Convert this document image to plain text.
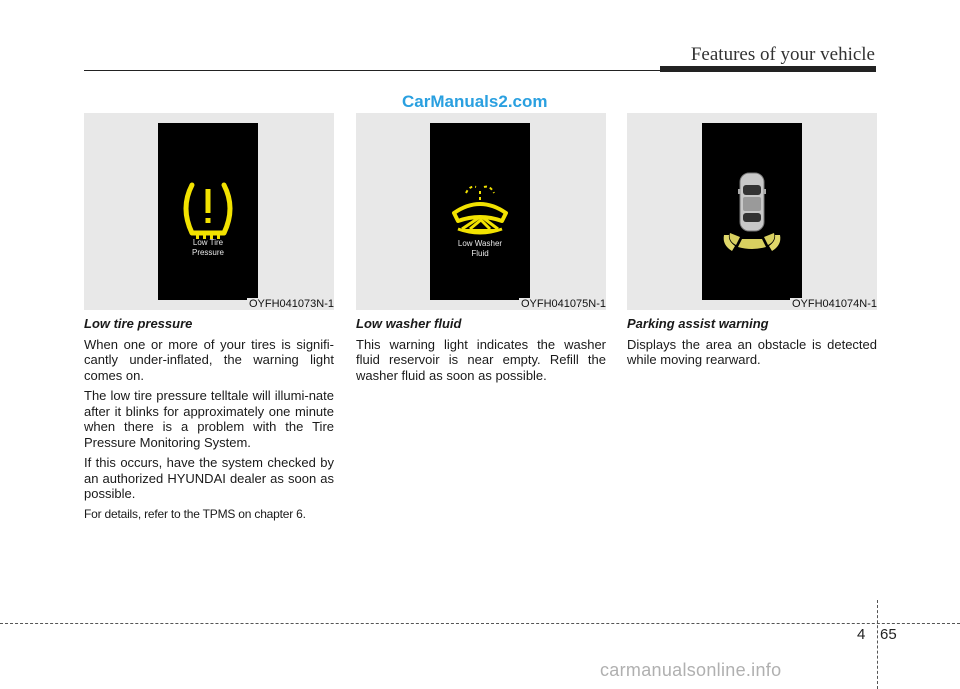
Features of your vehicle
CarManuals2.com
Low Tire
Pressure
OYFH041073N-1
Low Washer
Fluid
OYFH041075N-1	OYFH041074N-1
Low tire pressure

When one or more of your tires is signifi-cantly under-inflated, the warning light comes on.

The low tire pressure telltale will illumi-nate after it blinks for approximately one minute when there is a problem with the Tire Pressure Monitoring System.

If this occurs, have the system checked by an authorized HYUNDAI dealer as soon as possible.

For details, refer to the TPMS on chapter 6.

Low washer fluid

This warning light indicates the washer fluid reservoir is near empty. Refill the washer fluid as soon as possible.

Parking assist warning

Displays the area an obstacle is detected while moving rearward.

4 65
carmanualsonline.info
